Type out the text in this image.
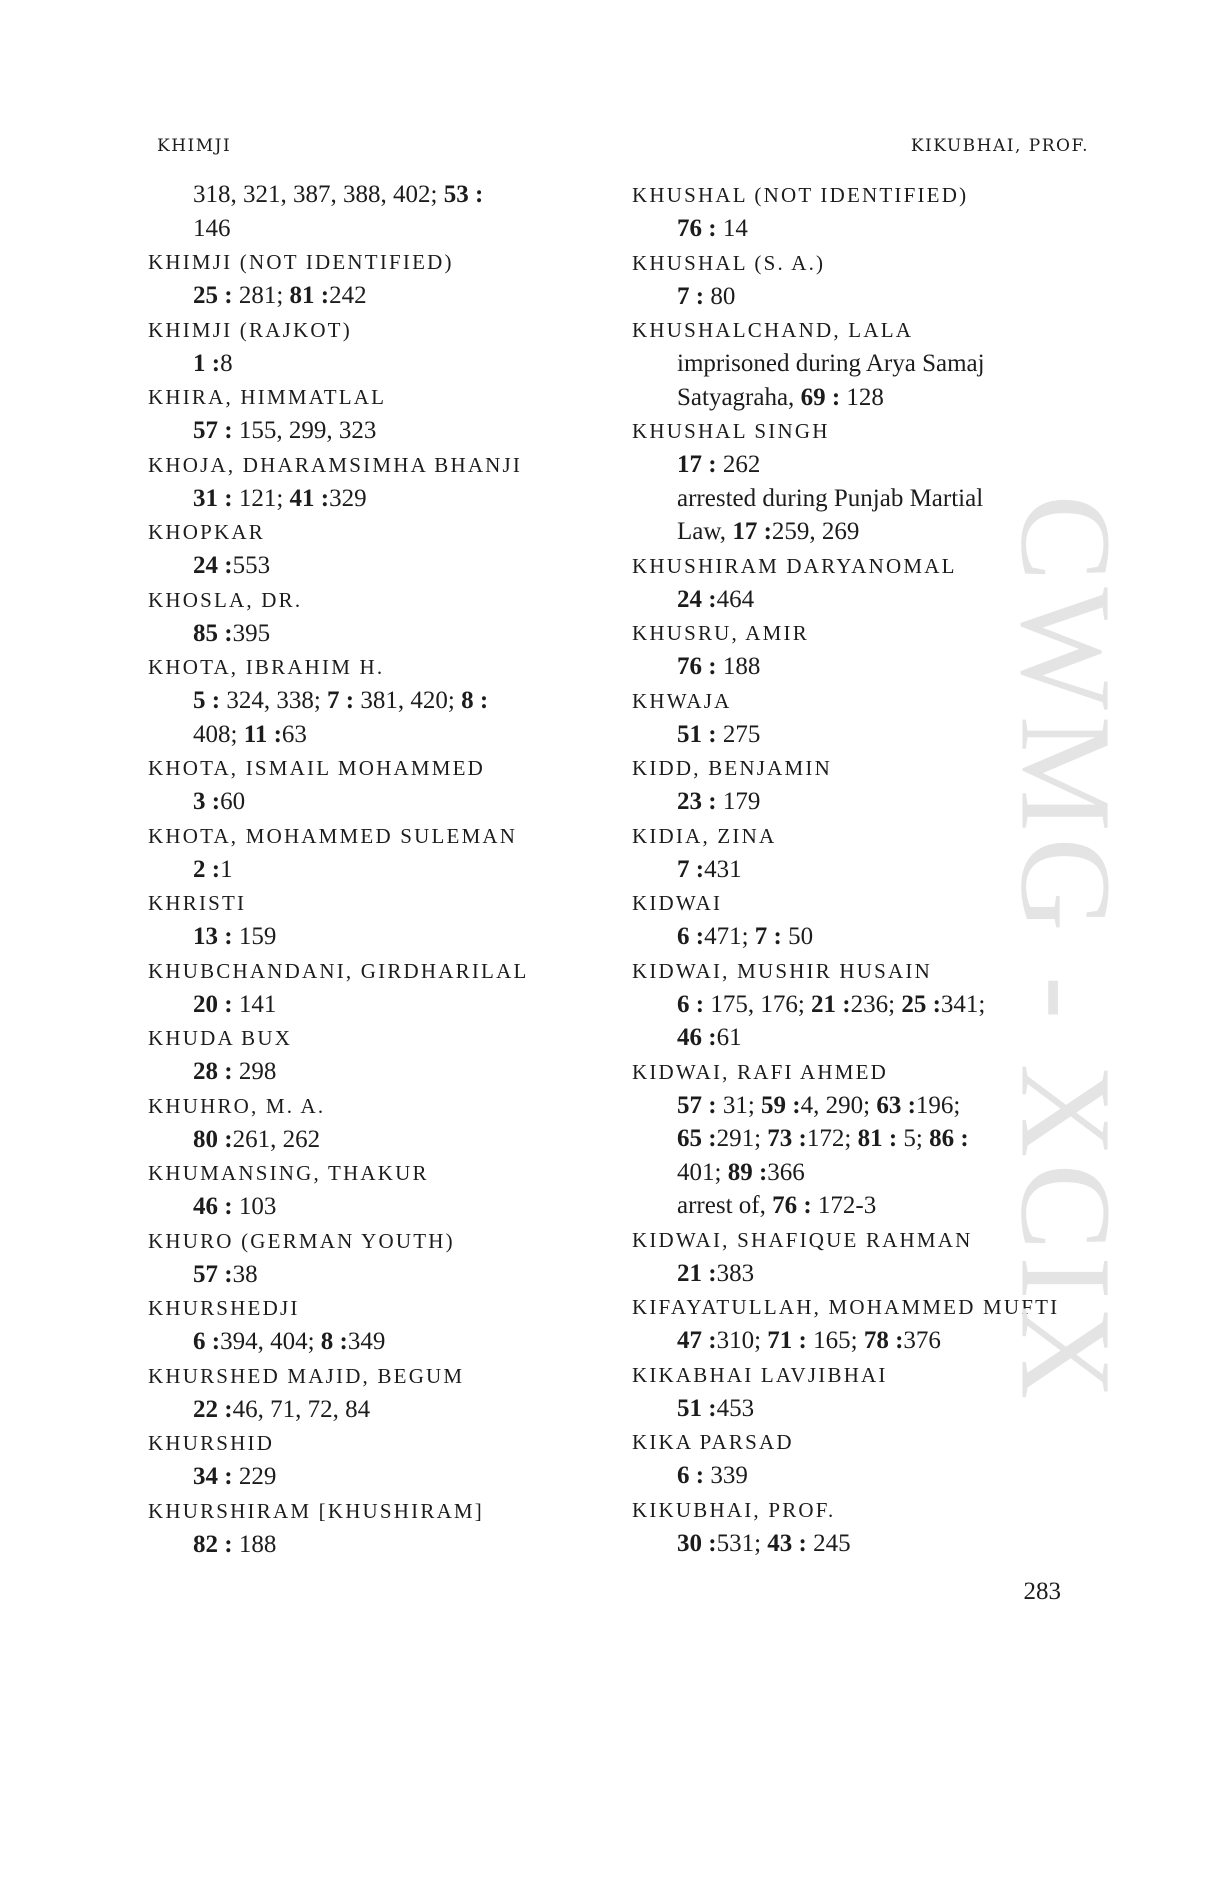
KHIMJI	KIKUBHAI, PROF.
318, 321, 387, 388, 402; 53 :
146
KHIMJI (NOT IDENTIFIED)
25 : 281; 81 :242
KHIMJI (RAJKOT)
1 :8
KHIRA, HIMMATLAL
57 : 155, 299, 323
KHOJA, DHARAMSIMHA BHANJI
31 : 121; 41 :329
KHOPKAR
24 :553
KHOSLA, DR.
85 :395
KHOTA, IBRAHIM H.
5 : 324, 338; 7 : 381, 420; 8 :
408; 11 :63
KHOTA, ISMAIL MOHAMMED
3 :60
KHOTA, MOHAMMED SULEMAN
2 :1
KHRISTI
13 : 159
KHUBCHANDANI, GIRDHARILAL
20 : 141
KHUDA BUX
28 : 298
KHUHRO, M. A.
80 :261, 262
KHUMANSING, THAKUR
46 : 103
KHURO (GERMAN YOUTH)
57 :38
KHURSHEDJI
6 :394, 404; 8 :349
KHURSHED MAJID, BEGUM
22 :46, 71, 72, 84
KHURSHID
34 : 229
KHURSHIRAM [KHUSHIRAM]
82 : 188
KHUSHAL (NOT IDENTIFIED)
76 : 14
KHUSHAL (S. A.)
7 : 80
KHUSHALCHAND, LALA
imprisoned during Arya Samaj
Satyagraha, 69 : 128
KHUSHAL SINGH
17 : 262
arrested during Punjab Martial
Law, 17 :259, 269
KHUSHIRAM DARYANOMAL
24 :464
KHUSRU, AMIR
76 : 188
KHWAJA
51 : 275
KIDD, BENJAMIN
23 : 179
KIDIA, ZINA
7 :431
KIDWAI
6 :471; 7 : 50
KIDWAI, MUSHIR HUSAIN
6 : 175, 176; 21 :236; 25 :341;
46 :61
KIDWAI, RAFI AHMED
57 : 31; 59 :4, 290; 63 :196;
65 :291; 73 :172; 81 : 5; 86 :
401; 89 :366
arrest of, 76 : 172-3
KIDWAI, SHAFIQUE RAHMAN
21 :383
KIFAYATULLAH, MOHAMMED MUFTI
47 :310; 71 : 165; 78 :376
KIKABHAI LAVJIBHAI
51 :453
KIKA PARSAD
6 : 339
KIKUBHAI, PROF.
30 :531; 43 : 245
CWMG - XCIX
283
